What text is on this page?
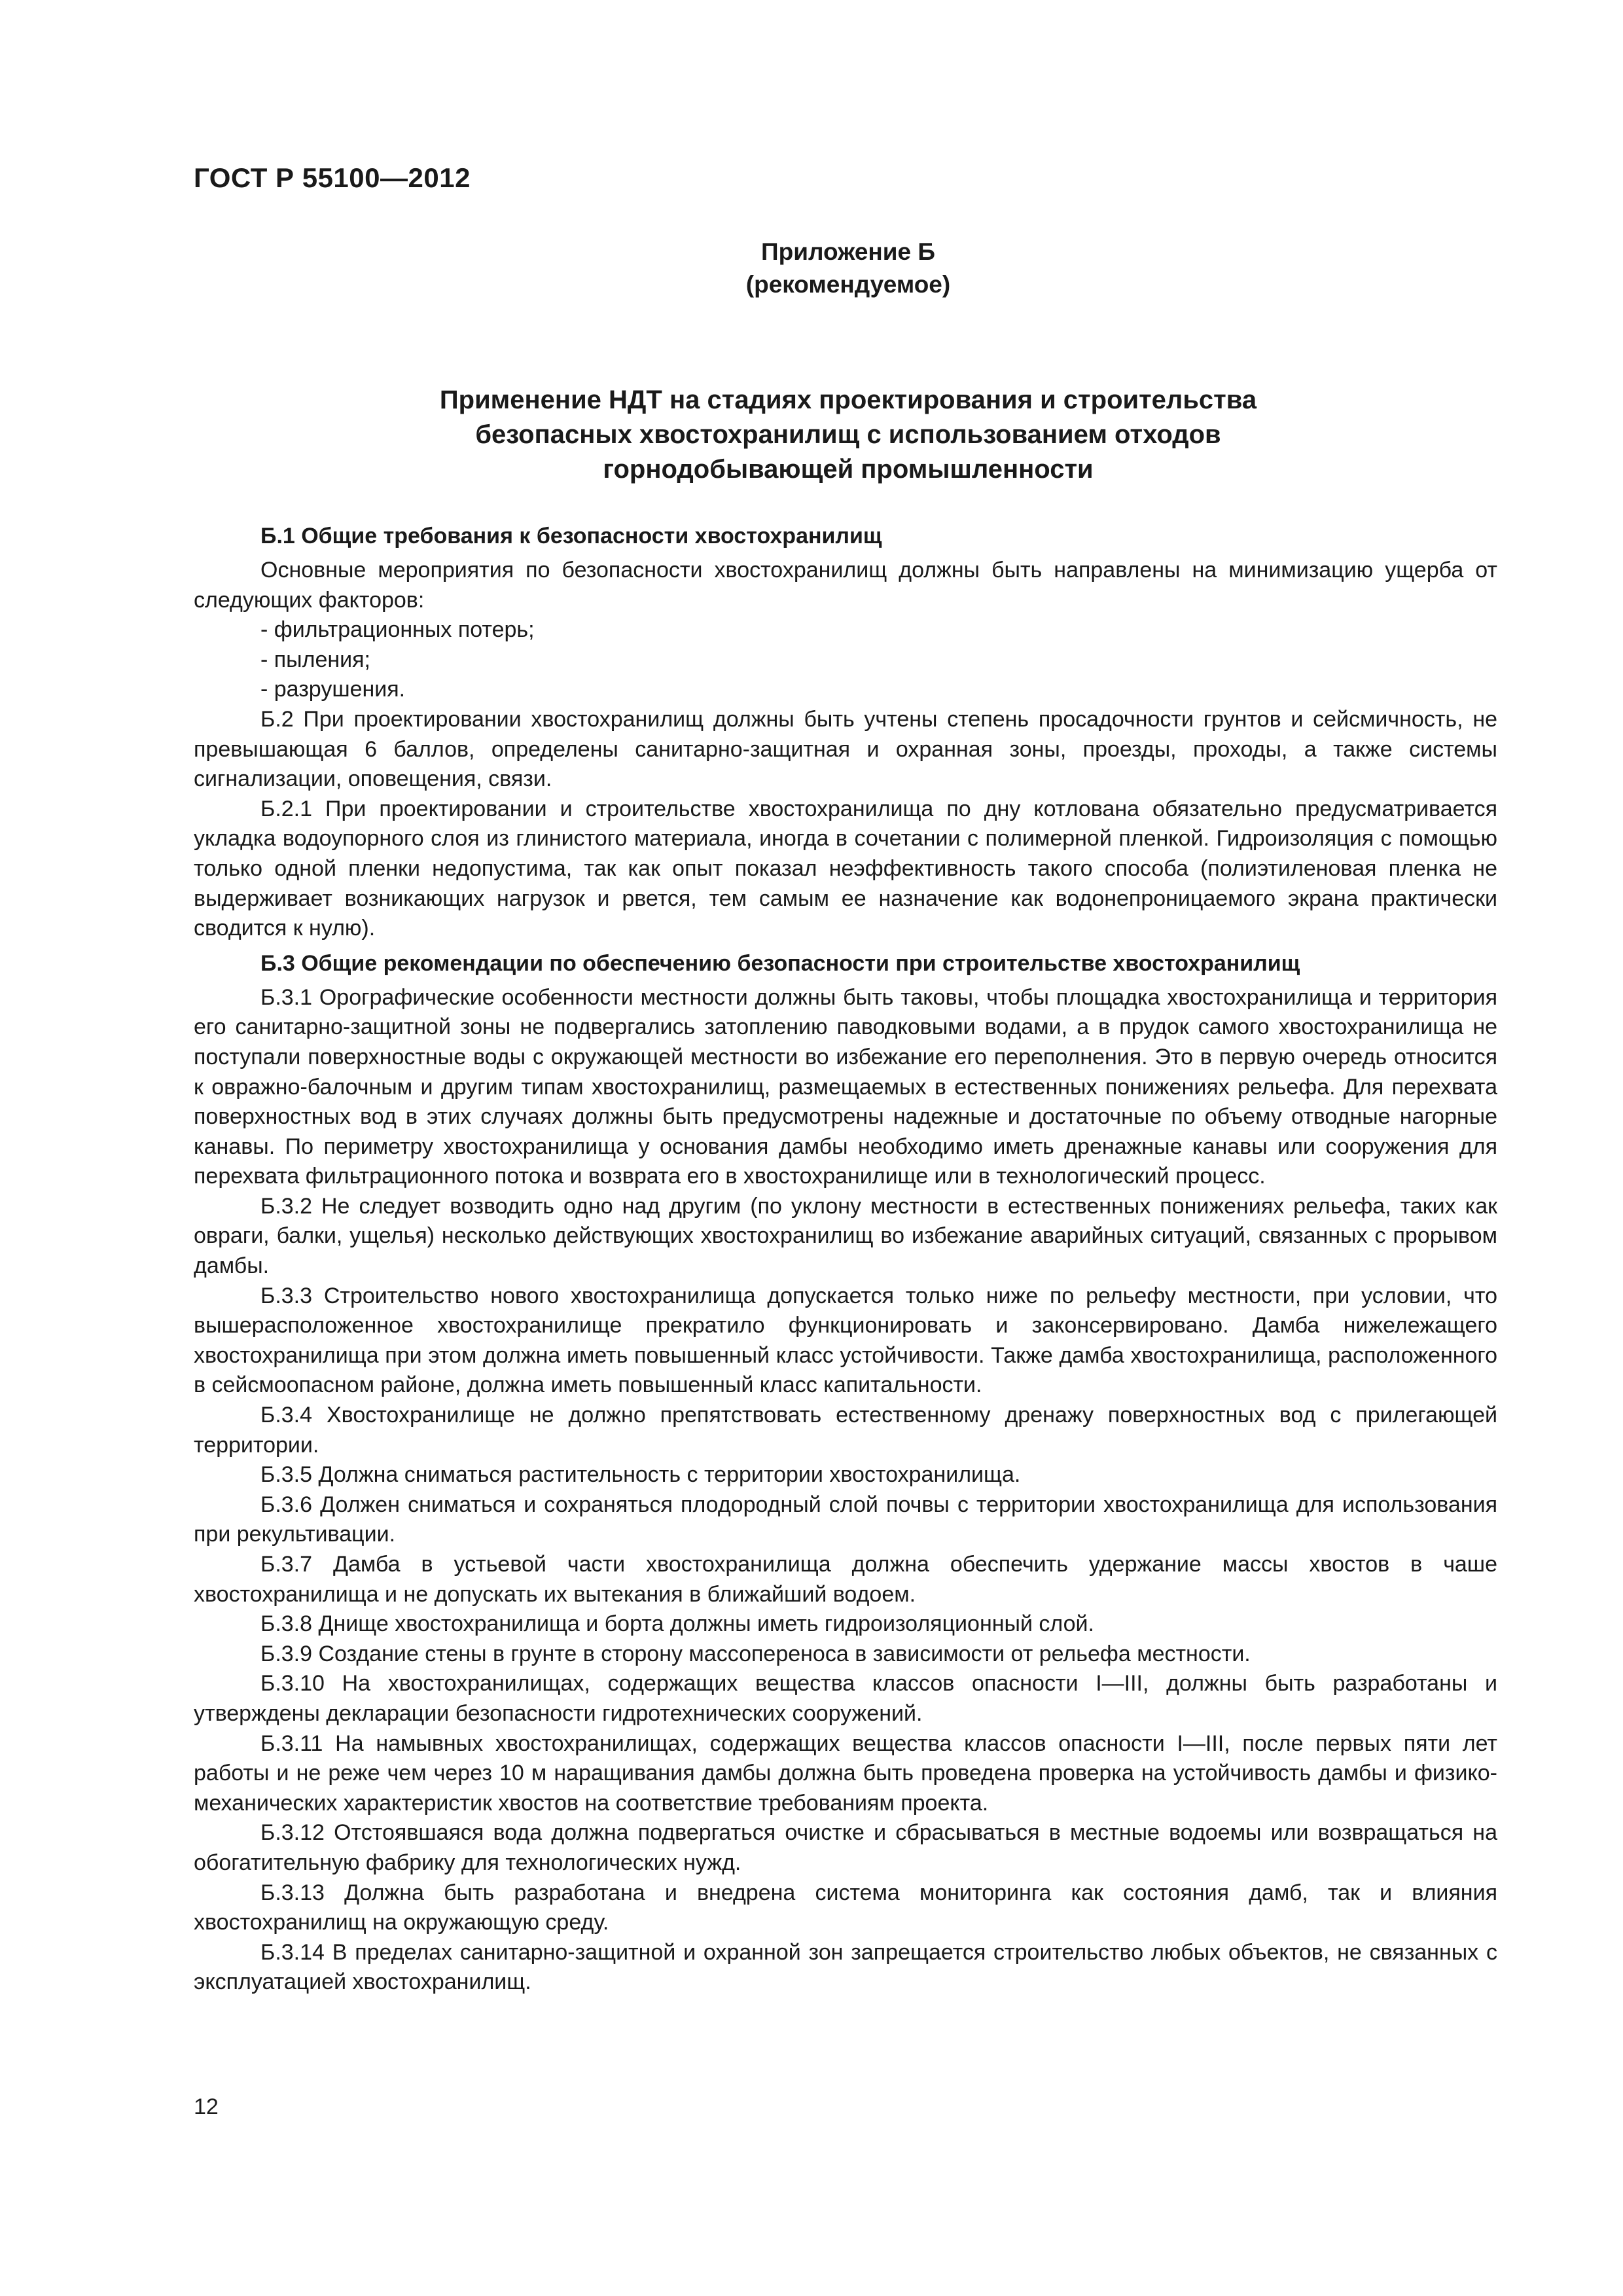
ГОСТ Р 55100—2012
Приложение Б
(рекомендуемое)
Применение НДТ на стадиях проектирования и строительства
безопасных хвостохранилищ с использованием отходов
горнодобывающей промышленности
Б.1 Общие требования к безопасности хвостохранилищ

Основные мероприятия по безопасности хвостохранилищ должны быть направлены на минимизацию ущерба от следующих факторов:

- фильтрационных потерь;

- пыления;

- разрушения.

Б.2 При проектировании хвостохранилищ должны быть учтены степень просадочности грунтов и сейсмичность, не превышающая 6 баллов, определены санитарно-защитная и охранная зоны, проезды, проходы, а также системы сигнализации, оповещения, связи.

Б.2.1 При проектировании и строительстве хвостохранилища по дну котлована обязательно предусматривается укладка водоупорного слоя из глинистого материала, иногда в сочетании с полимерной пленкой. Гидроизоляция с помощью только одной пленки недопустима, так как опыт показал неэффективность такого способа (полиэтиленовая пленка не выдерживает возникающих нагрузок и рвется, тем самым ее назначение как водонепроницаемого экрана практически сводится к нулю).

Б.3 Общие рекомендации по обеспечению безопасности при строительстве хвостохранилищ

Б.3.1 Орографические особенности местности должны быть таковы, чтобы площадка хвостохранилища и территория его санитарно-защитной зоны не подвергались затоплению паводковыми водами, а в прудок самого хвостохранилища не поступали поверхностные воды с окружающей местности во избежание его переполнения. Это в первую очередь относится к овражно-балочным и другим типам хвостохранилищ, размещаемых в естественных понижениях рельефа. Для перехвата поверхностных вод в этих случаях должны быть предусмотрены надежные и достаточные по объему отводные нагорные канавы. По периметру хвостохранилища у основания дамбы необходимо иметь дренажные канавы или сооружения для перехвата фильтрационного потока и возврата его в хвостохранилище или в технологический процесс.

Б.3.2 Не следует возводить одно над другим (по уклону местности в естественных понижениях рельефа, таких как овраги, балки, ущелья) несколько действующих хвостохранилищ во избежание аварийных ситуаций, связанных с прорывом дамбы.

Б.3.3 Строительство нового хвостохранилища допускается только ниже по рельефу местности, при условии, что вышерасположенное хвостохранилище прекратило функционировать и законсервировано. Дамба нижележащего хвостохранилища при этом должна иметь повышенный класс устойчивости. Также дамба хвостохранилища, расположенного в сейсмоопасном районе, должна иметь повышенный класс капитальности.

Б.3.4 Хвостохранилище не должно препятствовать естественному дренажу поверхностных вод с прилегающей территории.

Б.3.5 Должна сниматься растительность с территории хвостохранилища.

Б.3.6 Должен сниматься и сохраняться плодородный слой почвы с территории хвостохранилища для использования при рекультивации.

Б.3.7 Дамба в устьевой части хвостохранилища должна обеспечить удержание массы хвостов в чаше хвостохранилища и не допускать их вытекания в ближайший водоем.

Б.3.8 Днище хвостохранилища и борта должны иметь гидроизоляционный слой.

Б.3.9 Создание стены в грунте в сторону массопереноса в зависимости от рельефа местности.

Б.3.10 На хвостохранилищах, содержащих вещества классов опасности I—III, должны быть разработаны и утверждены декларации безопасности гидротехнических сооружений.

Б.3.11 На намывных хвостохранилищах, содержащих вещества классов опасности I—III, после первых пяти лет работы и не реже чем через 10 м наращивания дамбы должна быть проведена проверка на устойчивость дамбы и физико-механических характеристик хвостов на соответствие требованиям проекта.

Б.3.12 Отстоявшаяся вода должна подвергаться очистке и сбрасываться в местные водоемы или возвращаться на обогатительную фабрику для технологических нужд.

Б.3.13 Должна быть разработана и внедрена система мониторинга как состояния дамб, так и влияния хвостохранилищ на окружающую среду.

Б.3.14 В пределах санитарно-защитной и охранной зон запрещается строительство любых объектов, не связанных с эксплуатацией хвостохранилищ.

12
